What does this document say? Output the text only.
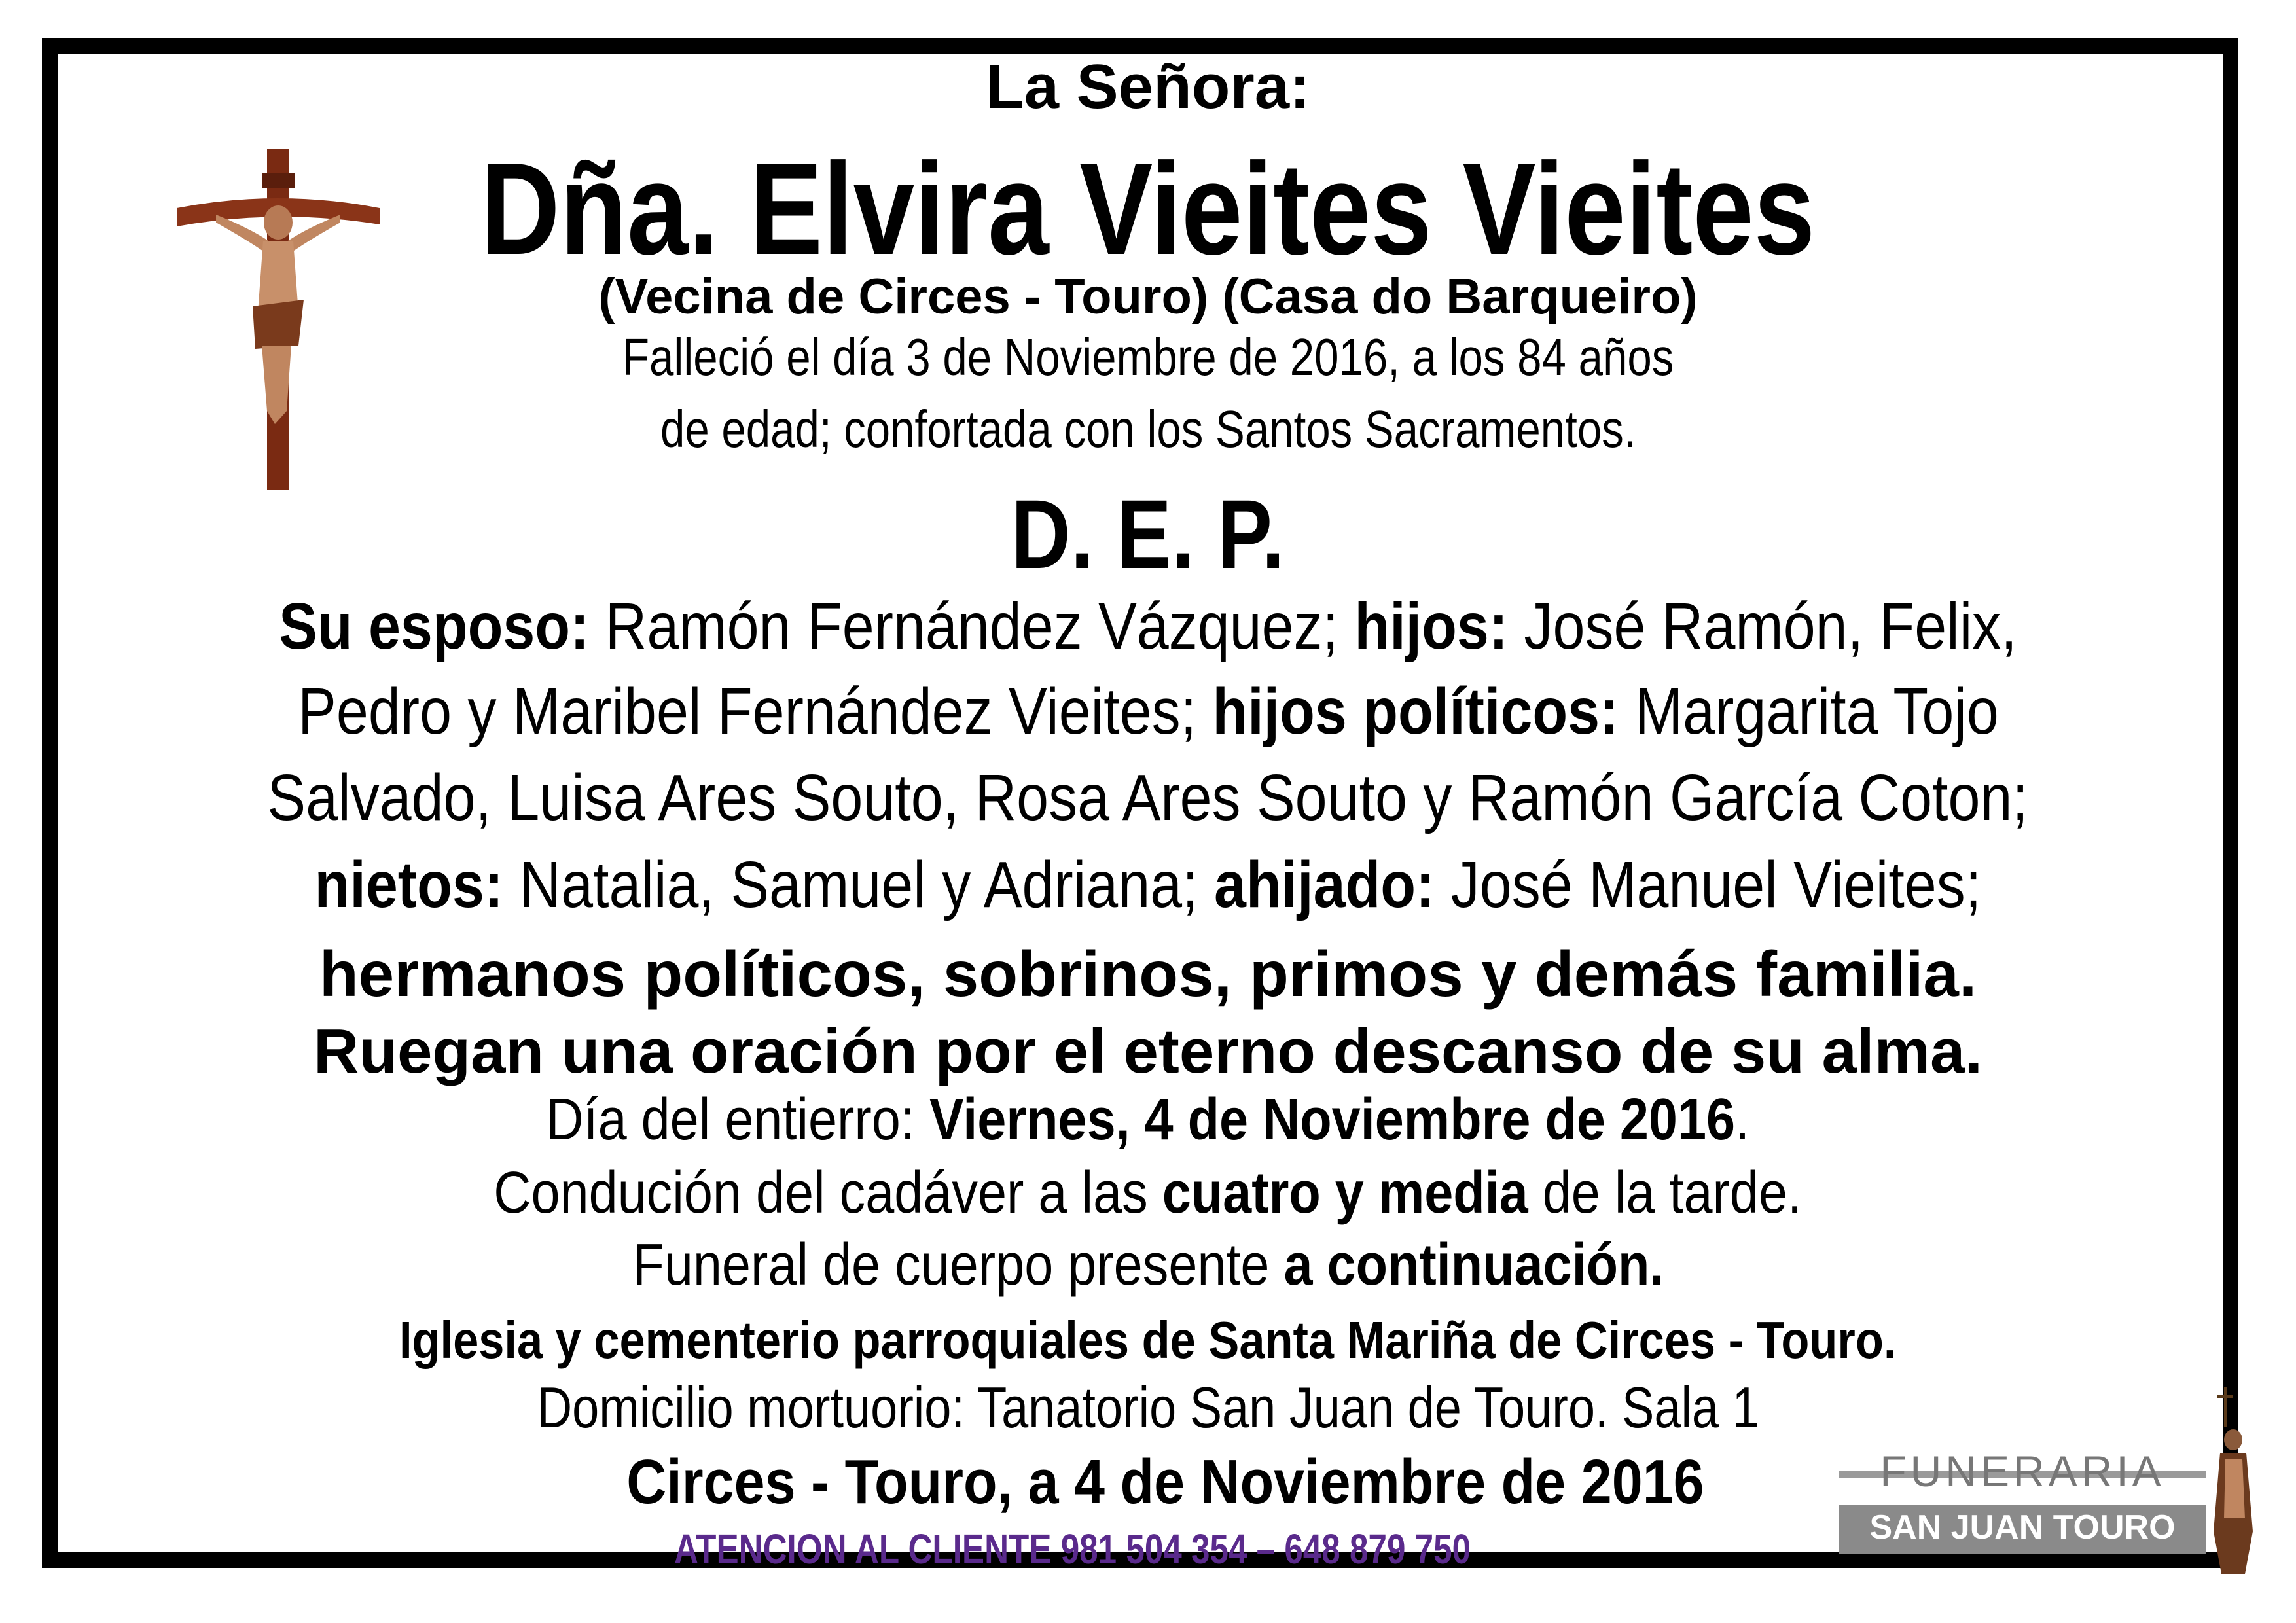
La Señora:
Dña. Elvira Vieites Vieites
(Vecina de Circes - Touro) (Casa do Barqueiro)
Falleció el día 3 de Noviembre de 2016, a los 84 años
de edad; confortada con los Santos Sacramentos.
D. E. P.
Su esposo: Ramón Fernández Vázquez; hijos: José Ramón, Felix,
Pedro y Maribel Fernández Vieites; hijos políticos: Margarita Tojo
Salvado, Luisa Ares Souto, Rosa Ares Souto y Ramón García Coton;
nietos: Natalia, Samuel y Adriana; ahijado: José Manuel Vieites;
hermanos políticos, sobrinos, primos y demás familia.
Ruegan una oración por el eterno descanso de su alma.
Día del entierro: Viernes, 4 de Noviembre de 2016.
Condución del cadáver a las cuatro y media de la tarde.
Funeral de cuerpo presente a continuación.
Iglesia y cementerio parroquiales de Santa Mariña de Circes - Touro.
Domicilio mortuorio: Tanatorio San Juan de Touro. Sala 1
Circes - Touro, a 4 de Noviembre de 2016
ATENCION AL CLIENTE 981 504 354 – 648 879 750
FUNERARIA
SAN JUAN TOURO
